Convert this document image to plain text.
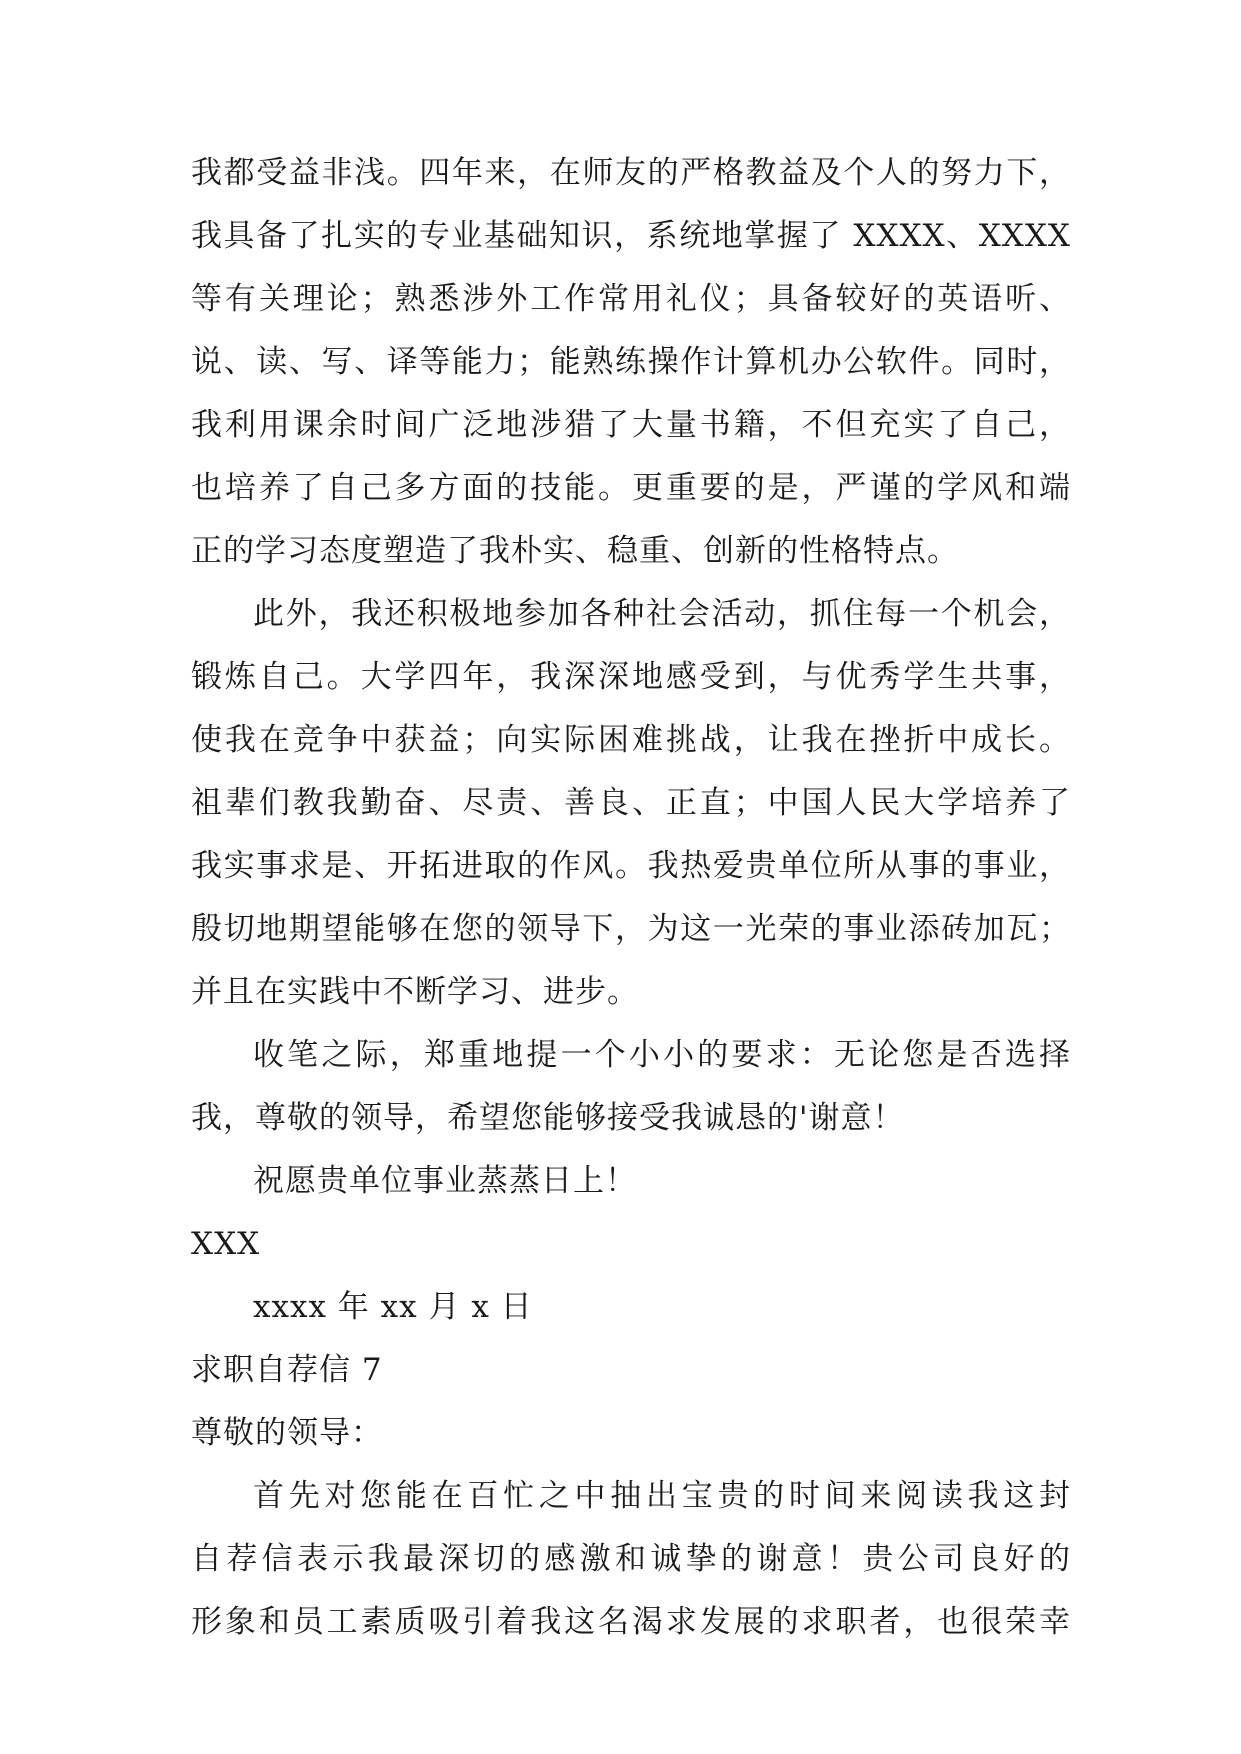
我都受益非浅。四年来，在师友的严格教益及个人的努力下，
我具备了扎实的专业基础知识，系统地掌握了 XXXX、XXXX
等有关理论；熟悉涉外工作常用礼仪；具备较好的英语听、
说、读、写、译等能力；能熟练操作计算机办公软件。同时，
我利用课余时间广泛地涉猎了大量书籍，不但充实了自己，
也培养了自己多方面的技能。更重要的是，严谨的学风和端
正的学习态度塑造了我朴实、稳重、创新的性格特点。
此外，我还积极地参加各种社会活动，抓住每一个机会，
锻炼自己。大学四年，我深深地感受到，与优秀学生共事，
使我在竞争中获益；向实际困难挑战，让我在挫折中成长。
祖辈们教我勤奋、尽责、善良、正直；中国人民大学培养了
我实事求是、开拓进取的作风。我热爱贵单位所从事的事业，
殷切地期望能够在您的领导下，为这一光荣的事业添砖加瓦；
并且在实践中不断学习、进步。
收笔之际，郑重地提一个小小的要求：无论您是否选择
我，尊敬的领导，希望您能够接受我诚恳的'谢意！
祝愿贵单位事业蒸蒸日上！
XXX
xxxx 年 xx 月 x 日
求职自荐信 7
尊敬的领导：
首先对您能在百忙之中抽出宝贵的时间来阅读我这封
自荐信表示我最深切的感激和诚挚的谢意！贵公司良好的
形象和员工素质吸引着我这名渴求发展的求职者，也很荣幸
